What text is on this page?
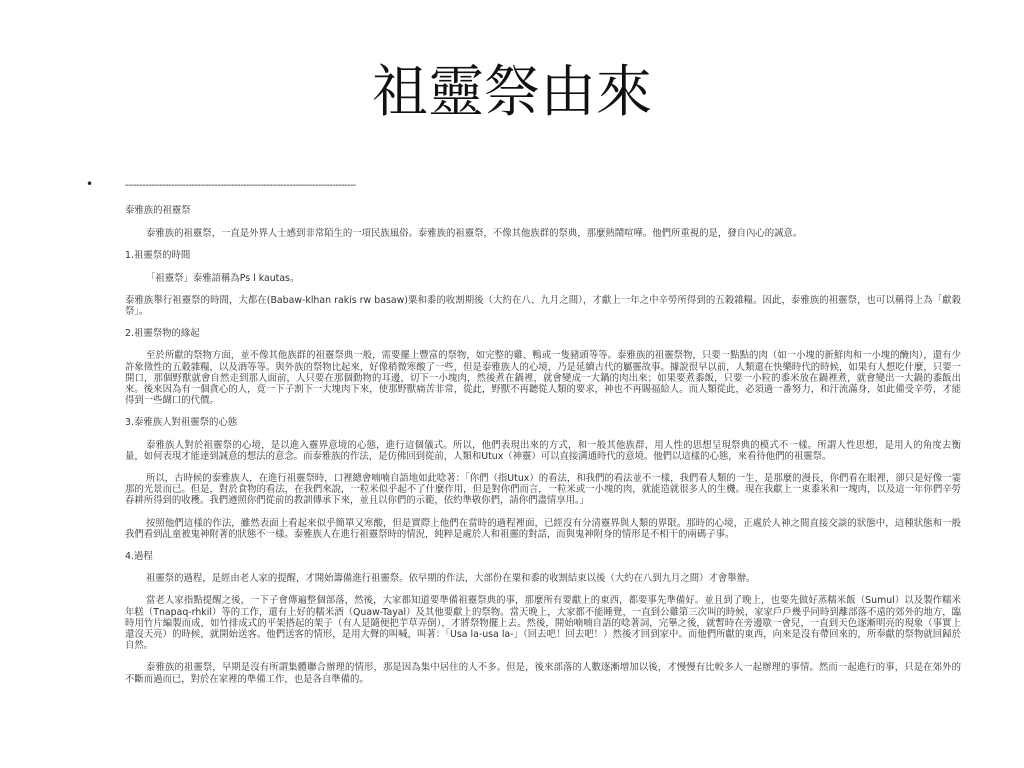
祖靈祭由來
•	--------------------------------------------------------------------------------

泰雅族的祖靈祭

泰雅族的祖靈祭，一直是外界人士感到非常陌生的一項民族風俗。泰雅族的祖靈祭，不像其他族群的祭典，那麼熱鬧喧嘩。他們所重視的是，發自內心的誠意。

1.祖靈祭的時間

「祖靈祭」泰雅語稱為Ps l kautas。

泰雅族舉行祖靈祭的時間，大都在(Babaw-klhan rakis rw basaw)粟和黍的收割期後（大約在八、九月之間），才獻上一年之中辛勞所得到的五穀雜糧。因此，泰雅族的祖靈祭，也可以稱得上為「獻穀祭」。

2.祖靈祭物的緣起

至於所獻的祭物方面，並不像其他族群的祖靈祭典一般，需要擺上豐富的祭物，如完整的雞、鴨或一隻豬頭等等。泰雅族的祖靈祭物，只要一點點的肉（如一小塊的新鮮肉和一小塊的醃肉），還有少許象徵性的五穀雜糧，以及酒等等。與外族的祭物比起來，好像稍微寒酸了一些，但是泰雅族人的心境，乃是延續古代的屬靈故事。據說很早以前，人類還在快樂時代的時候，如果有人想吃什麼，只要一開口，那個野獸就會自然走到那人面前，人只要在那個動物的耳邊，切下一小塊肉，然後煮在鍋裡，就會變成一大鍋的肉出來；如果要煮黍飯，只要一小粒的黍米放在鍋裡煮，就會變出一大鍋的黍飯出來。後來因為有一個貪心的人，竟一下子割下一大塊肉下來，使那野獸痛苦非常，從此，野獸不再聽從人類的要求，神也不再賜福給人。而人類從此，必須過一番努力，和汗流滿身，如此備受辛勞，才能得到一些餬口的代價。

3.泰雅族人對祖靈祭的心態

泰雅族人對於祖靈祭的心境，是以進入靈界意境的心態，進行這個儀式。所以，他們表現出來的方式，和一般其他族群，用人性的思想呈現祭典的模式不一樣。所謂人性思想，是用人的角度去衡量，如何表現才能達到誠意的想法的意念。而泰雅族的作法，是仿佛回到從前，人類和Utux（神靈）可以直接溝通時代的意境。他們以這樣的心態，來看待他們的祖靈祭。

所以，古時候的泰雅族人，在進行祖靈祭時，口裡總會喃喃自語地如此唸著：「你們（指Utux）的看法，和我們的看法並不一樣，我們看人類的一生，是那麼的漫長，你們看在眼裡，卻只是好像一霎那的光景而已。但是，對於食物的看法，在我們來說，一粒米似乎起不了什麼作用，但是對你們而言，一粒米或一小塊的肉，就能造就很多人的生機。現在我獻上一束黍米和一塊肉，以及這一年你們辛勞春耕所得到的收穫。我們遵照你們從前的教訓傳承下來，並且以你們的示範，依約準敬你們，請你們盡情享用。」

按照他們這樣的作法，雖然表面上看起來似乎簡單又寒酸，但是實際上他們在當時的過程裡面，已經沒有分清靈界與人類的界限。那時的心境，正處於人神之間直接交談的狀態中，這種狀態和一般我們看到乩童被鬼神附著的狀態不一樣。泰雅族人在進行祖靈祭時的情況，純粹是處於人和祖靈的對話，而與鬼神附身的情形是不相干的兩碼子事。

4.過程

祖靈祭的過程，是經由老人家的提醒，才開始籌備進行祖靈祭。依早期的作法，大部份在粟和黍的收割結束以後（大約在八到九月之間）才會舉辦。

當老人家指點提醒之後，一下子會傳遍整個部落，然後，大家都知道要準備祖靈祭典的事，那麼所有要獻上的東西，都要事先準備好。並且到了晚上，也要先做好蒸糯米飯（Sumul）以及製作糯米年糕（Tnapaq-rhkil）等的工作，還有上好的糯米酒（Quaw-Tayal）及其他要獻上的祭物。當天晚上，大家都不能睡覺，一直到公雞第三次叫的時候，家家戶戶幾乎同時到離部落不遠的郊外的地方，臨時用竹片編製而成，如竹排成式的平架搭起的架子（有人是隨便把芋草弄倒），才將祭物擺上去。然後，開始喃喃自語的唸著詞，完畢之後，就暫時在旁邊歇一會兒，一直到天色逐漸明亮的現象（事實上還沒天亮）的時候，就開始送客。他們送客的情形，是用大聲的叫喊，叫著：「Usa la-usa la-」（回去吧！回去吧！）然後才回到家中。而他們所獻的東西，向來是沒有帶回來的，所奉獻的祭物就回歸於自然。

泰雅族的祖靈祭，早期是沒有所謂集體聯合辦理的情形，那是因為集中居住的人不多。但是，後來部落的人數逐漸增加以後，才慢慢有比較多人一起辦理的事情。然而一起進行的事，只是在郊外的不斷而過而已，對於在家裡的準備工作，也是各自準備的。
